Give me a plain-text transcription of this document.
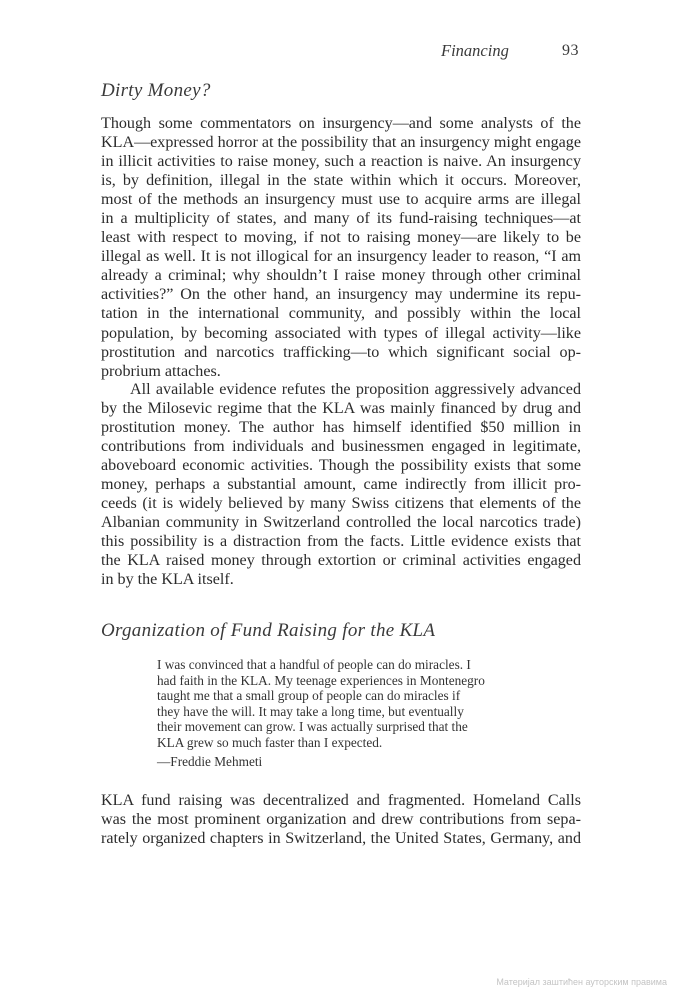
Financing	93
Dirty Money?
Though some commentators on insurgency—and some analysts of the
KLA—expressed horror at the possibility that an insurgency might engage
in illicit activities to raise money, such a reaction is naive. An insurgency
is, by definition, illegal in the state within which it occurs. Moreover,
most of the methods an insurgency must use to acquire arms are illegal
in a multiplicity of states, and many of its fund-raising techniques—at
least with respect to moving, if not to raising money—are likely to be
illegal as well. It is not illogical for an insurgency leader to reason, “I am
already a criminal; why shouldn’t I raise money through other criminal
activities?” On the other hand, an insurgency may undermine its repu-
tation in the international community, and possibly within the local
population, by becoming associated with types of illegal activity—like
prostitution and narcotics trafficking—to which significant social op-
probrium attaches.
All available evidence refutes the proposition aggressively advanced
by the Milosevic regime that the KLA was mainly financed by drug and
prostitution money. The author has himself identified $50 million in
contributions from individuals and businessmen engaged in legitimate,
aboveboard economic activities. Though the possibility exists that some
money, perhaps a substantial amount, came indirectly from illicit pro-
ceeds (it is widely believed by many Swiss citizens that elements of the
Albanian community in Switzerland controlled the local narcotics trade)
this possibility is a distraction from the facts. Little evidence exists that
the KLA raised money through extortion or criminal activities engaged
in by the KLA itself.
Organization of Fund Raising for the KLA
I was convinced that a handful of people can do miracles. I
had faith in the KLA. My teenage experiences in Montenegro
taught me that a small group of people can do miracles if
they have the will. It may take a long time, but eventually
their movement can grow. I was actually surprised that the
KLA grew so much faster than I expected.
—Freddie Mehmeti
KLA fund raising was decentralized and fragmented. Homeland Calls
was the most prominent organization and drew contributions from sepa-
rately organized chapters in Switzerland, the United States, Germany, and
Материјал заштићен ауторским правима
